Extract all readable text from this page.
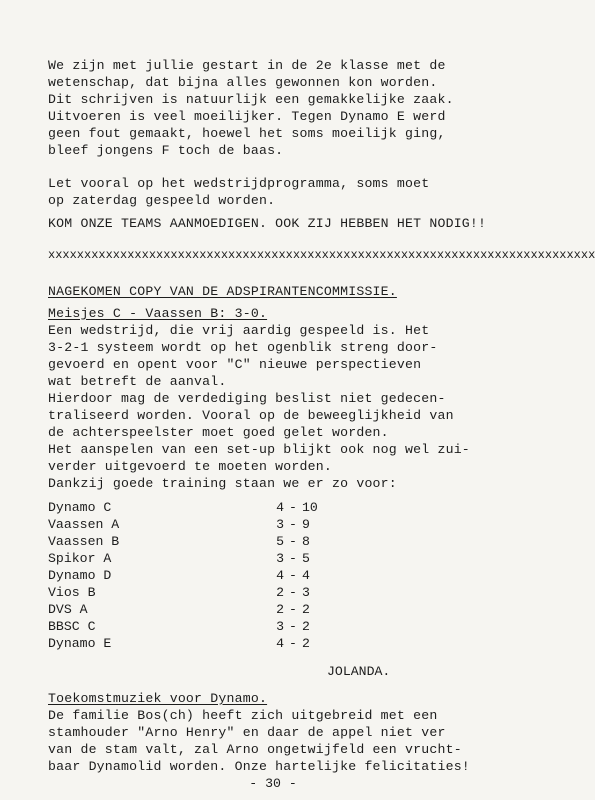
We zijn met jullie gestart in de 2e klasse met de
wetenschap, dat bijna alles gewonnen kon worden.
Dit schrijven is natuurlijk een gemakkelijke zaak.
Uitvoeren is veel moeilijker. Tegen Dynamo E werd
geen fout gemaakt, hoewel het soms moeilijk ging,
bleef jongens F toch de baas.
Let vooral op het wedstrijdprogramma, soms moet
op zaterdag gespeeld worden.
KOM ONZE TEAMS AANMOEDIGEN. OOK ZIJ HEBBEN HET NODIG!!
xxxxxxxxxxxxxxxxxxxxxxxxxxxxxxxxxxxxxxxxxxxxxxxxxxxxxxxxxxxxxxxxxxxxxxxxxxxx
NAGEKOMEN COPY VAN DE ADSPIRANTENCOMMISSIE.
Meisjes C - Vaassen B: 3-0.
Een wedstrijd, die vrij aardig gespeeld is. Het
3-2-1 systeem wordt op het ogenblik streng door-
gevoerd en opent voor "C" nieuwe perspectieven
wat betreft de aanval.
Hierdoor mag de verdediging beslist niet gedecen-
traliseerd worden. Vooral op de beweeglijkheid van
de achterspeelster moet goed gelet worden.
Het aanspelen van een set-up blijkt ook nog wel zui-
verder uitgevoerd te moeten worden.
Dankzij goede training staan we er zo voor:
Dynamo C	4 - 10
Vaassen A	3 - 9
Vaassen B	5 - 8
Spikor A	3 - 5
Dynamo D	4 - 4
Vios B	2 - 3
DVS A	2 - 2
BBSC C	3 - 2
Dynamo E	4 - 2
JOLANDA.
Toekomstmuziek voor Dynamo.
De familie Bos(ch) heeft zich uitgebreid met een
stamhouder "Arno Henry" en daar de appel niet ver
van de stam valt, zal Arno ongetwijfeld een vrucht-
baar Dynamolid worden. Onze hartelijke felicitaties!
- 30 -
